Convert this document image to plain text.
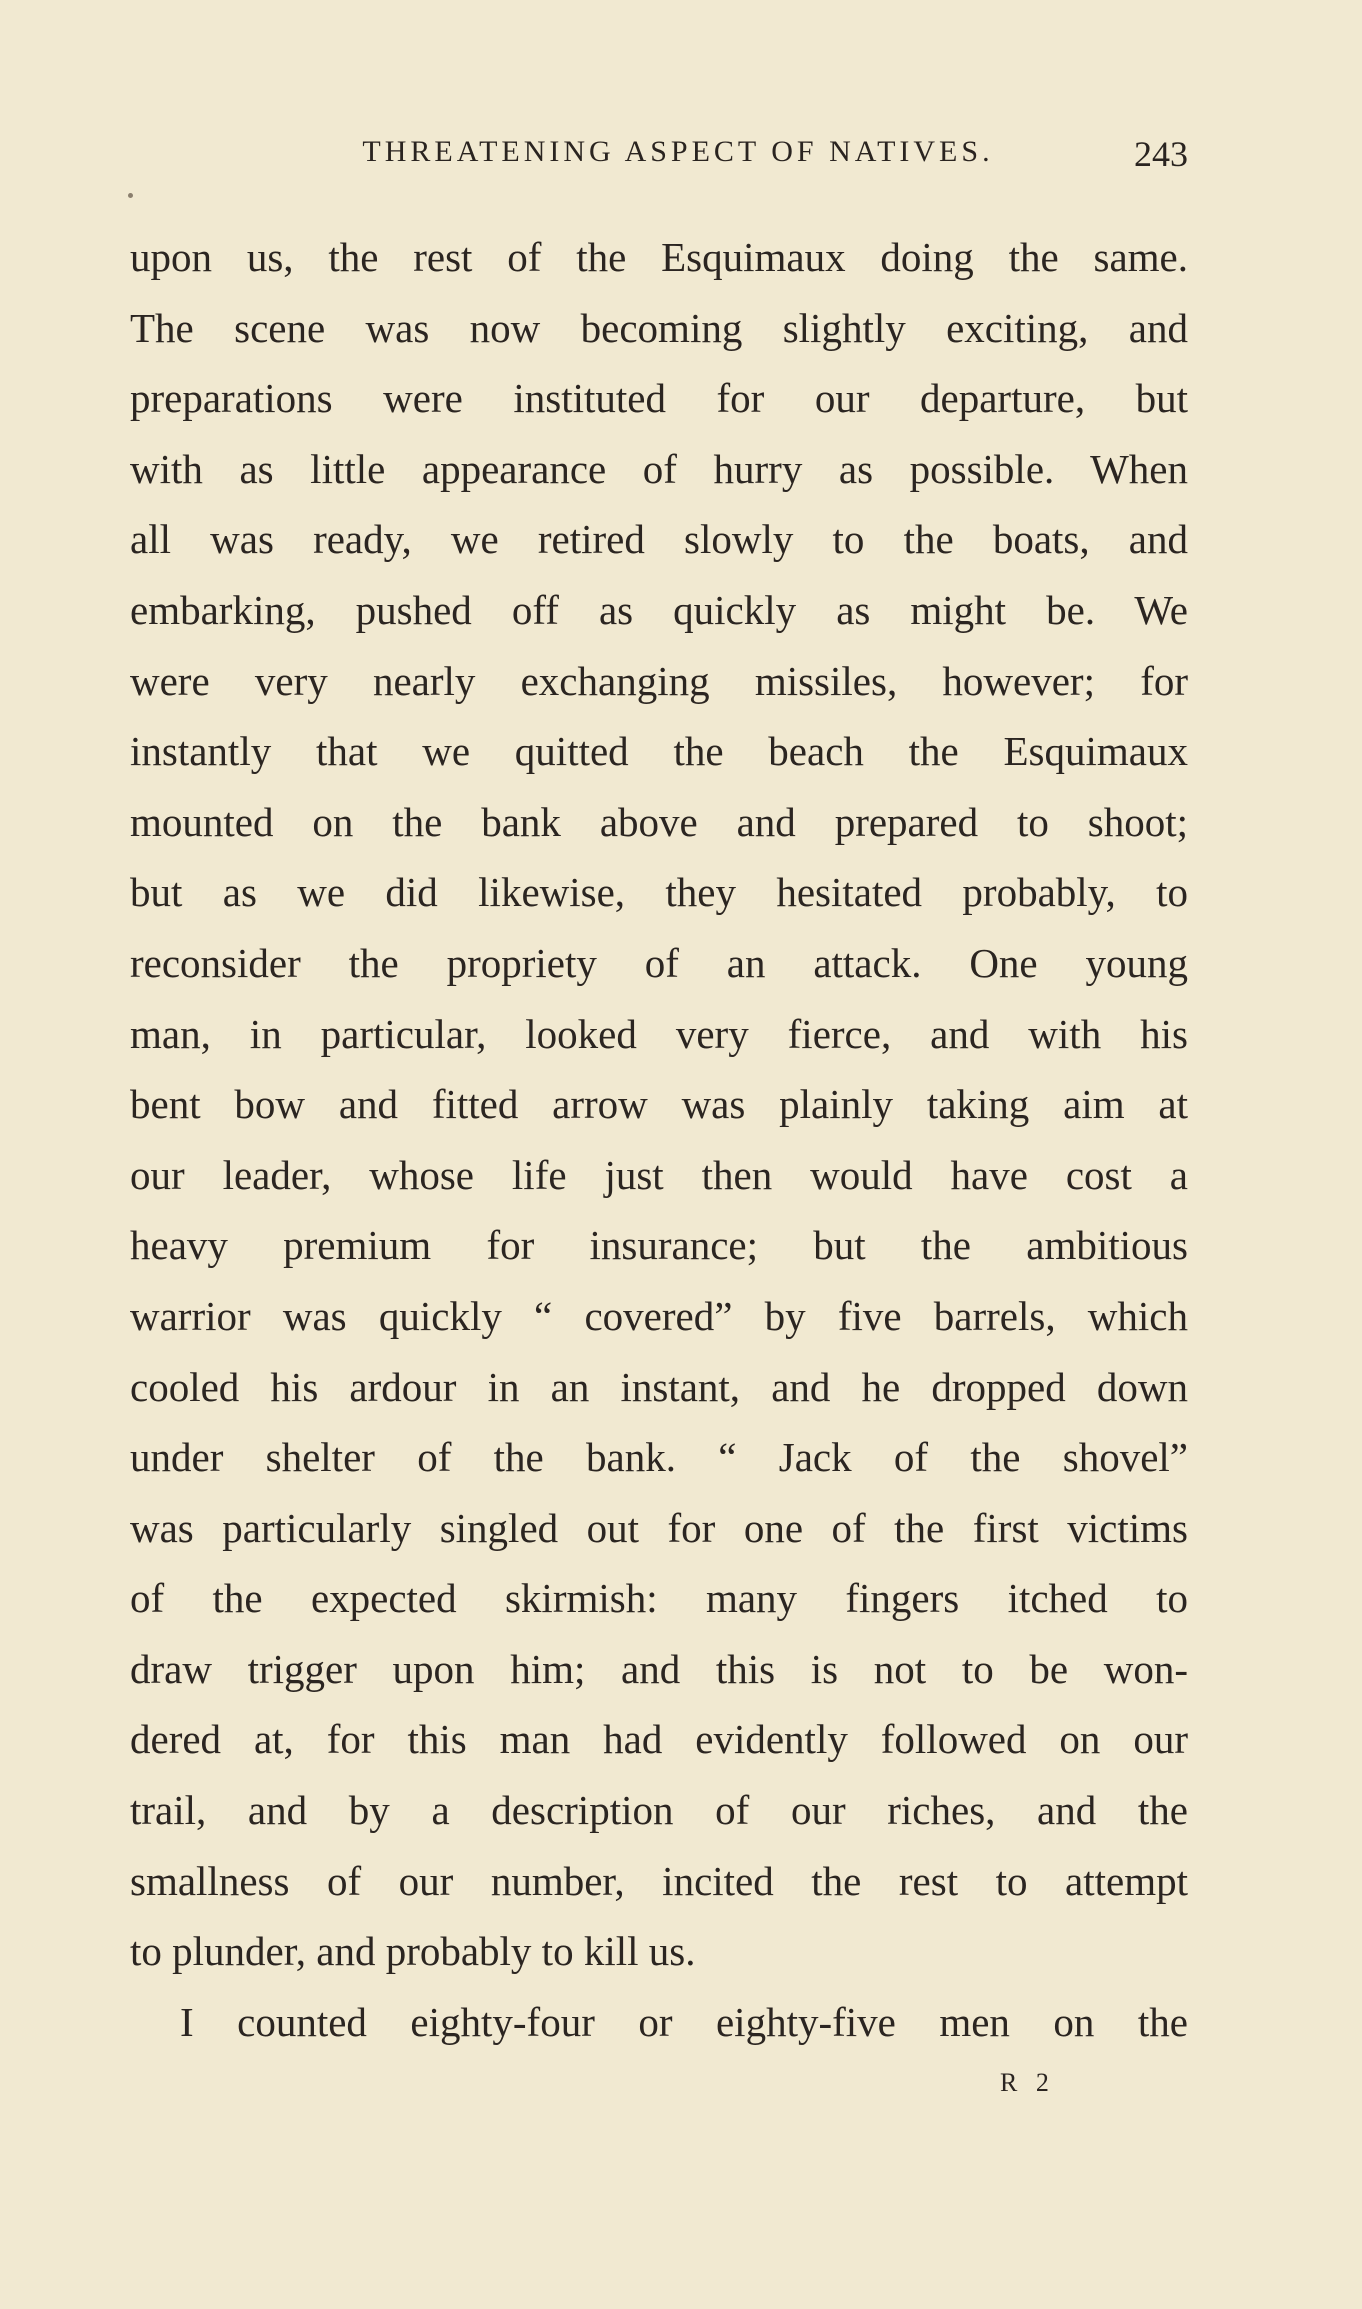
THREATENING ASPECT OF NATIVES.	243
upon us, the rest of the Esquimaux doing the same.
The scene was now becoming slightly exciting, and
preparations were instituted for our departure, but
with as little appearance of hurry as possible. When
all was ready, we retired slowly to the boats, and
embarking, pushed off as quickly as might be. We
were very nearly exchanging missiles, however; for
instantly that we quitted the beach the Esquimaux
mounted on the bank above and prepared to shoot;
but as we did likewise, they hesitated probably, to
reconsider the propriety of an attack. One young
man, in particular, looked very fierce, and with his
bent bow and fitted arrow was plainly taking aim at
our leader, whose life just then would have cost a
heavy premium for insurance; but the ambitious
warrior was quickly “ covered” by five barrels, which
cooled his ardour in an instant, and he dropped down
under shelter of the bank. “ Jack of the shovel”
was particularly singled out for one of the first victims
of the expected skirmish: many fingers itched to
draw trigger upon him; and this is not to be won-
dered at, for this man had evidently followed on our
trail, and by a description of our riches, and the
smallness of our number, incited the rest to attempt
to plunder, and probably to kill us.
I counted eighty-four or eighty-five men on the
R 2
